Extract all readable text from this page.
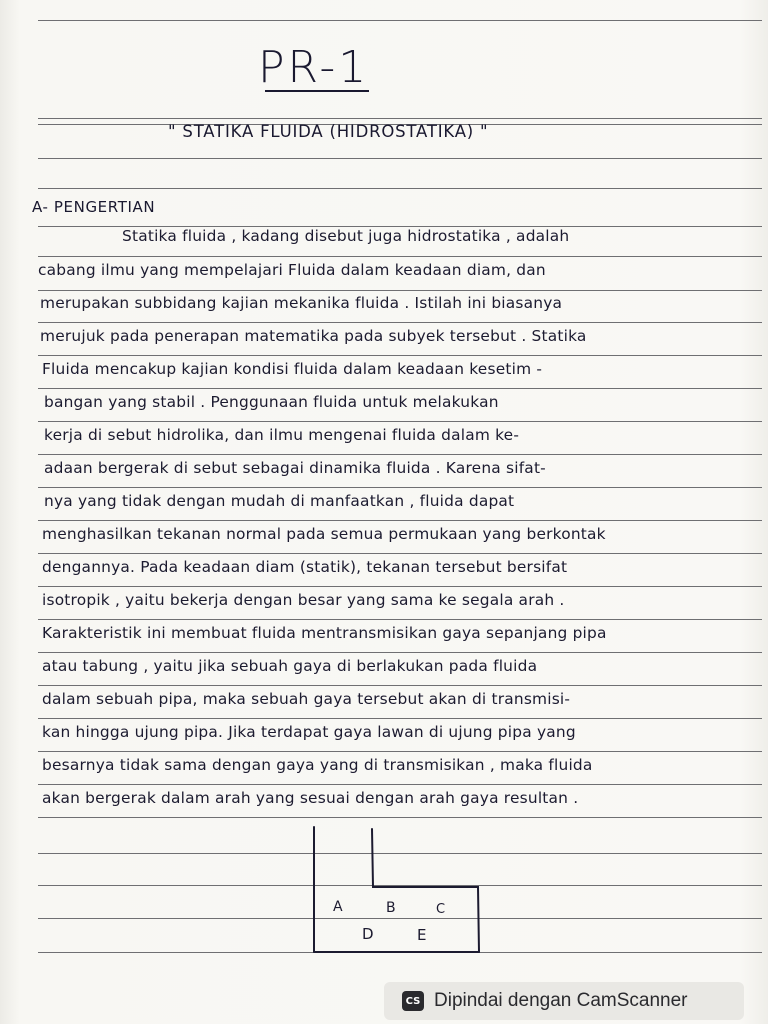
PR-1
" STATIKA FLUIDA (HIDROSTATIKA) "
A- PENGERTIAN
Statika fluida , kadang disebut juga hidrostatika , adalah
cabang ilmu yang mempelajari Fluida dalam keadaan diam, dan
merupakan subbidang kajian mekanika fluida . Istilah ini biasanya
merujuk pada penerapan matematika pada subyek tersebut . Statika
Fluida mencakup kajian kondisi fluida dalam keadaan kesetim -
bangan yang stabil . Penggunaan fluida untuk melakukan
kerja di sebut hidrolika, dan ilmu mengenai fluida dalam ke-
adaan bergerak di sebut sebagai dinamika fluida . Karena sifat-
nya yang tidak dengan mudah di manfaatkan , fluida dapat
menghasilkan tekanan normal pada semua permukaan yang berkontak
dengannya. Pada keadaan diam (statik), tekanan tersebut bersifat
isotropik , yaitu bekerja dengan besar yang sama ke segala arah .
Karakteristik ini membuat fluida mentransmisikan gaya sepanjang pipa
atau tabung , yaitu jika sebuah gaya di berlakukan pada fluida
dalam sebuah pipa, maka sebuah gaya tersebut akan di transmisi-
kan hingga ujung pipa. Jika terdapat gaya lawan di ujung pipa yang
besarnya tidak sama dengan gaya yang di transmisikan , maka fluida
akan bergerak dalam arah yang sesuai dengan arah gaya resultan .
A	B	C
D	E
CS Dipindai dengan CamScanner
